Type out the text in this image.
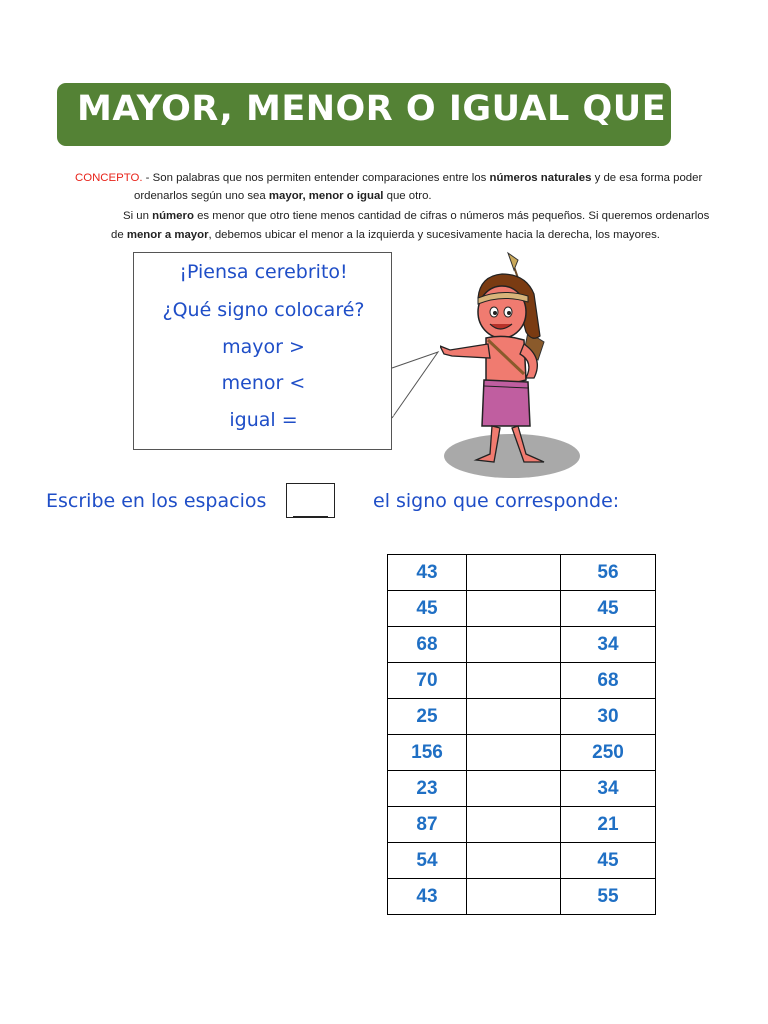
MAYOR, MENOR O IGUAL QUE
CONCEPTO. - Son palabras que nos permiten entender comparaciones entre los números naturales y de esa forma poder
ordenarlos según uno sea mayor, menor o igual que otro.
Si un número es menor que otro tiene menos cantidad de cifras o números más pequeños. Si queremos ordenarlos
de menor a mayor, debemos ubicar el menor a la izquierda y sucesivamente hacia la derecha, los mayores.
¡Piensa cerebrito!
¿Qué signo colocaré?
mayor >
menor <
igual =
Escribe en los espacios	el signo que corresponde:
43		56
45		45
68		34
70		68
25		30
156		250
23		34
87		21
54		45
43		55
